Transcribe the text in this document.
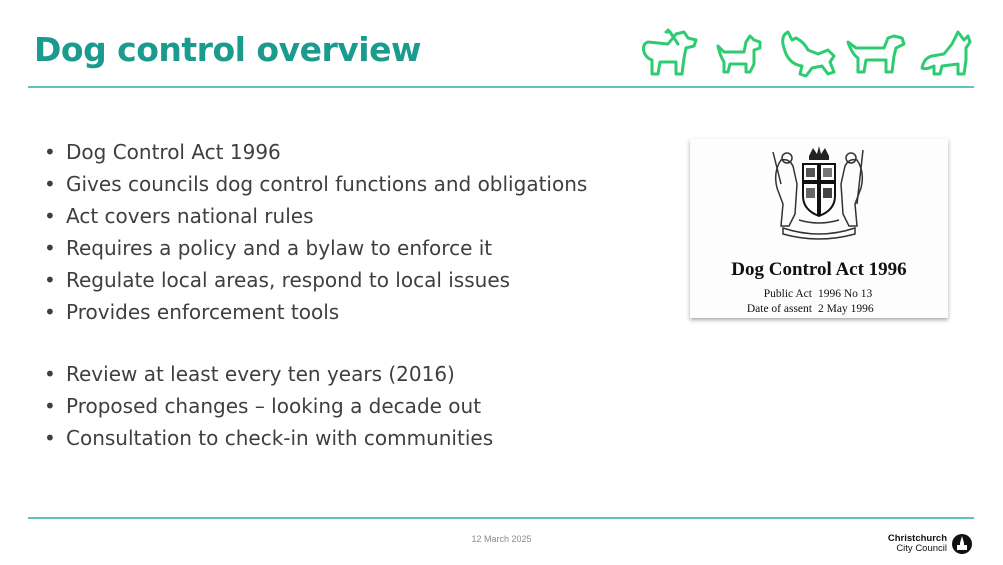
Dog control overview
• Dog Control Act 1996
• Gives councils dog control functions and obligations
• Act covers national rules
• Requires a policy and a bylaw to enforce it
• Regulate local areas, respond to local issues
• Provides enforcement tools
• Review at least every ten years (2016)
• Proposed changes – looking a decade out
• Consultation to check-in with communities
Dog Control Act 1996
Public Act 1996 No 13
Date of assent 2 May 1996
12 March 2025	Christchurch
City Council
